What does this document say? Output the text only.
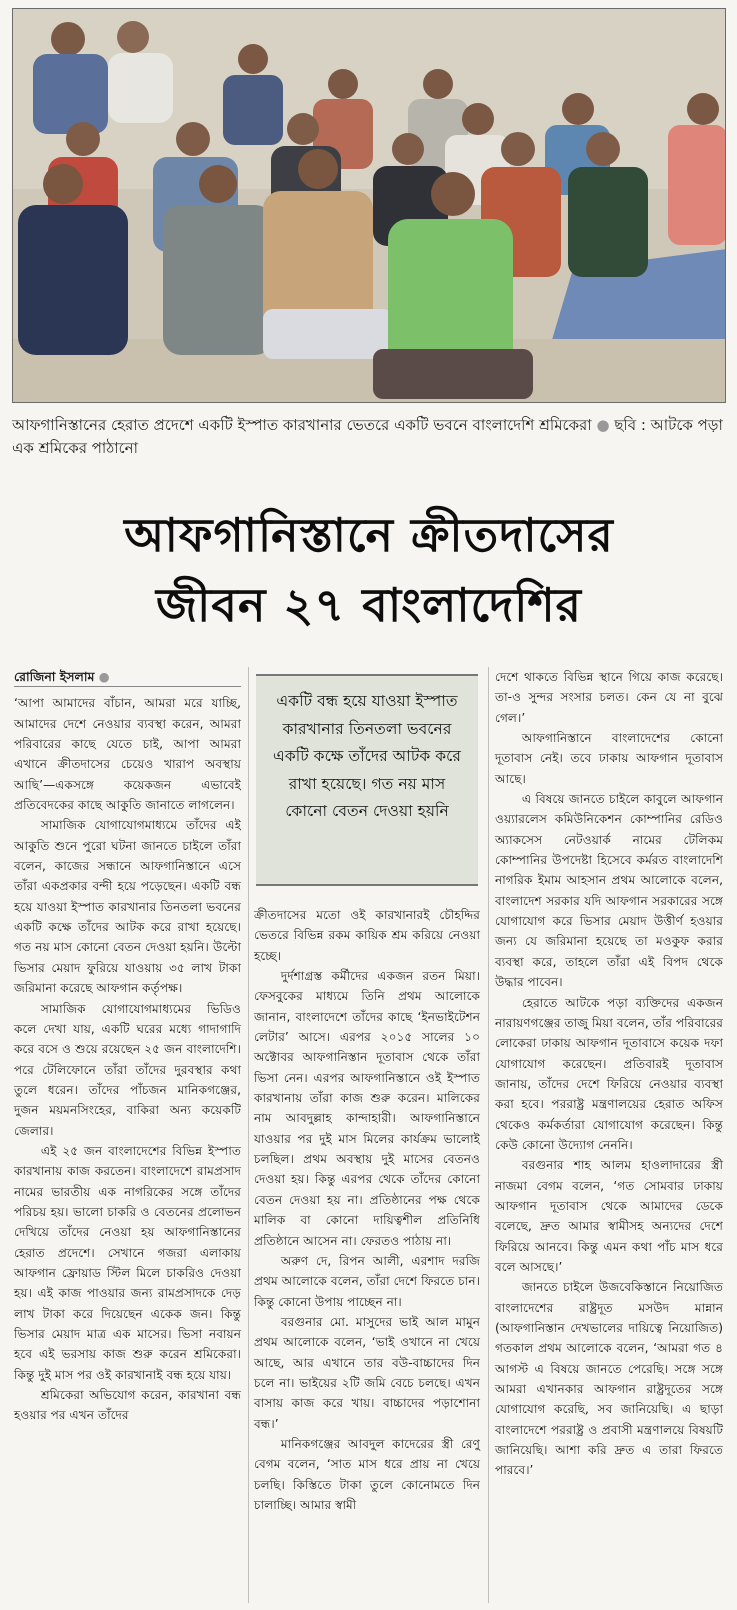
আফগানিস্তানের হেরাত প্রদেশে একটি ইস্পাত কারখানার ভেতরে একটি ভবনে বাংলাদেশি শ্রমিকেরা ● ছবি : আটকে পড়া এক শ্রমিকের পাঠানো
আফগানিস্তানে ক্রীতদাসের
জীবন ২৭ বাংলাদেশির

রোজিনা ইসলাম ●

‘আপা আমাদের বাঁচান, আমরা মরে যাচ্ছি, আমাদের দেশে নেওয়ার ব্যবস্থা করেন, আমরা পরিবারের কাছে যেতে চাই, আপা আমরা এখানে ক্রীতদাসের চেয়েও খারাপ অবস্থায় আছি’—একসঙ্গে কয়েকজন এভাবেই প্রতিবেদকের কাছে আকুতি জানাতে লাগলেন।

সামাজিক যোগাযোগমাধ্যমে তাঁদের এই আকুতি শুনে পুরো ঘটনা জানতে চাইলে তাঁরা বলেন, কাজের সন্ধানে আফগানিস্তানে এসে তাঁরা একপ্রকার বন্দী হয়ে পড়েছেন। একটি বন্ধ হয়ে যাওয়া ইস্পাত কারখানার তিনতলা ভবনের একটি কক্ষে তাঁদের আটক করে রাখা হয়েছে। গত নয় মাস কোনো বেতন দেওয়া হয়নি। উল্টো ভিসার মেয়াদ ফুরিয়ে যাওয়ায় ৩৫ লাখ টাকা জরিমানা করেছে আফগান কর্তৃপক্ষ।

সামাজিক যোগাযোগমাধ্যমের ভিডিও কলে দেখা যায়, একটি ঘরের মধ্যে গাদাগাদি করে বসে ও শুয়ে রয়েছেন ২৫ জন বাংলাদেশি। পরে টেলিফোনে তাঁরা তাঁদের দুরবস্থার কথা তুলে ধরেন। তাঁদের পাঁচজন মানিকগঞ্জের, দুজন ময়মনসিংহের, বাকিরা অন্য কয়েকটি জেলার।

এই ২৫ জন বাংলাদেশের বিভিন্ন ইস্পাত কারখানায় কাজ করতেন। বাংলাদেশে রামপ্রসাদ নামের ভারতীয় এক নাগরিকের সঙ্গে তাঁদের পরিচয় হয়। ভালো চাকরি ও বেতনের প্রলোভন দেখিয়ে তাঁদের নেওয়া হয় আফগানিস্তানের হেরাত প্রদেশে। সেখানে গজরা এলাকায় আফগান ফ্রোয়াড স্টিল মিলে চাকরিও দেওয়া হয়। এই কাজ পাওয়ার জন্য রামপ্রসাদকে দেড় লাখ টাকা করে দিয়েছেন একেক জন। কিন্তু ভিসার মেয়াদ মাত্র এক মাসের। ভিসা নবায়ন হবে এই ভরসায় কাজ শুরু করেন শ্রমিকেরা। কিন্তু দুই মাস পর ওই কারখানাই বন্ধ হয়ে যায়।

শ্রমিকেরা অভিযোগ করেন, কারখানা বন্ধ হওয়ার পর এখন তাঁদের

একটি বন্ধ হয়ে যাওয়া ইস্পাত কারখানার তিনতলা ভবনের একটি কক্ষে তাঁদের আটক করে রাখা হয়েছে। গত নয় মাস কোনো বেতন দেওয়া হয়নি

ক্রীতদাসের মতো ওই কারখানারই চৌহদ্দির ভেতরে বিভিন্ন রকম কায়িক শ্রম করিয়ে নেওয়া হচ্ছে।

দুর্দশাগ্রস্ত কর্মীদের একজন রতন মিয়া। ফেসবুকের মাধ্যমে তিনি প্রথম আলোকে জানান, বাংলাদেশে তাঁদের কাছে ‘ইনভাইটেশন লেটার’ আসে। এরপর ২০১৫ সালের ১০ অক্টোবর আফগানিস্তান দূতাবাস থেকে তাঁরা ভিসা নেন। এরপর আফগানিস্তানে ওই ইস্পাত কারখানায় তাঁরা কাজ শুরু করেন। মালিকের নাম আবদুল্লাহ কান্দাহারী। আফগানিস্তানে যাওয়ার পর দুই মাস মিলের কার্যক্রম ভালোই চলছিল। প্রথম অবস্থায় দুই মাসের বেতনও দেওয়া হয়। কিন্তু এরপর থেকে তাঁদের কোনো বেতন দেওয়া হয় না। প্রতিষ্ঠানের পক্ষ থেকে মালিক বা কোনো দায়িত্বশীল প্রতিনিধি প্রতিষ্ঠানে আসেন না। ফেরতও পাঠায় না।

অরুণ দে, রিপন আলী, এরশাদ দরজি প্রথম আলোকে বলেন, তাঁরা দেশে ফিরতে চান। কিন্তু কোনো উপায় পাচ্ছেন না।

বরগুনার মো. মাসুদের ভাই আল মামুন প্রথম আলোকে বলেন, ‘ভাই ওখানে না খেয়ে আছে, আর এখানে তার বউ-বাচ্চাদের দিন চলে না। ভাইয়ের ২টি জমি বেচে চলছে। এখন বাসায় কাজ করে খায়। বাচ্চাদের পড়াশোনা বন্ধ।’

মানিকগঞ্জের আবদুল কাদেরের স্ত্রী রেণু বেগম বলেন, ‘সাত মাস ধরে প্রায় না খেয়ে চলছি। কিস্তিতে টাকা তুলে কোনোমতে দিন চালাচ্ছি। আমার স্বামী

দেশে থাকতে বিভিন্ন স্থানে গিয়ে কাজ করেছে। তা-ও সুন্দর সংসার চলত। কেন যে না বুঝে গেল।’

আফগানিস্তানে বাংলাদেশের কোনো দূতাবাস নেই। তবে ঢাকায় আফগান দূতাবাস আছে।

এ বিষয়ে জানতে চাইলে কাবুলে আফগান ওয়্যারলেস কমিউনিকেশন কোম্পানির রেডিও অ্যাকসেস নেটওয়ার্ক নামের টেলিকম কোম্পানির উপদেষ্টা হিসেবে কর্মরত বাংলাদেশি নাগরিক ইমাম আহসান প্রথম আলোকে বলেন, বাংলাদেশ সরকার যদি আফগান সরকারের সঙ্গে যোগাযোগ করে ভিসার মেয়াদ উত্তীর্ণ হওয়ার জন্য যে জরিমানা হয়েছে তা মওকুফ করার ব্যবস্থা করে, তাহলে তাঁরা এই বিপদ থেকে উদ্ধার পাবেন।

হেরাতে আটকে পড়া ব্যক্তিদের একজন নারায়ণগঞ্জের তাজু মিয়া বলেন, তাঁর পরিবারের লোকেরা ঢাকায় আফগান দূতাবাসে কয়েক দফা যোগাযোগ করেছেন। প্রতিবারই দূতাবাস জানায়, তাঁদের দেশে ফিরিয়ে নেওয়ার ব্যবস্থা করা হবে। পররাষ্ট্র মন্ত্রণালয়ের হেরাত অফিস থেকেও কর্মকর্তারা যোগাযোগ করেছেন। কিন্তু কেউ কোনো উদ্যোগ নেননি।

বরগুনার শাহ আলম হাওলাদারের স্ত্রী নাজমা বেগম বলেন, ‘গত সোমবার ঢাকায় আফগান দূতাবাস থেকে আমাদের ডেকে বলেছে, দ্রুত আমার স্বামীসহ অন্যদের দেশে ফিরিয়ে আনবে। কিন্তু এমন কথা পাঁচ মাস ধরে বলে আসছে।’

জানতে চাইলে উজবেকিস্তানে নিয়োজিত বাংলাদেশের রাষ্ট্রদূত মসউদ মান্নান (আফগানিস্তান দেখভালের দায়িত্বে নিয়োজিত) গতকাল প্রথম আলোকে বলেন, ‘আমরা গত ৪ আগস্ট এ বিষয়ে জানতে পেরেছি। সঙ্গে সঙ্গে আমরা এখানকার আফগান রাষ্ট্রদূতের সঙ্গে যোগাযোগ করেছি, সব জানিয়েছি। এ ছাড়া বাংলাদেশে পররাষ্ট্র ও প্রবাসী মন্ত্রণালয়ে বিষয়টি জানিয়েছি। আশা করি দ্রুত এ তারা ফিরতে পারবে।’
